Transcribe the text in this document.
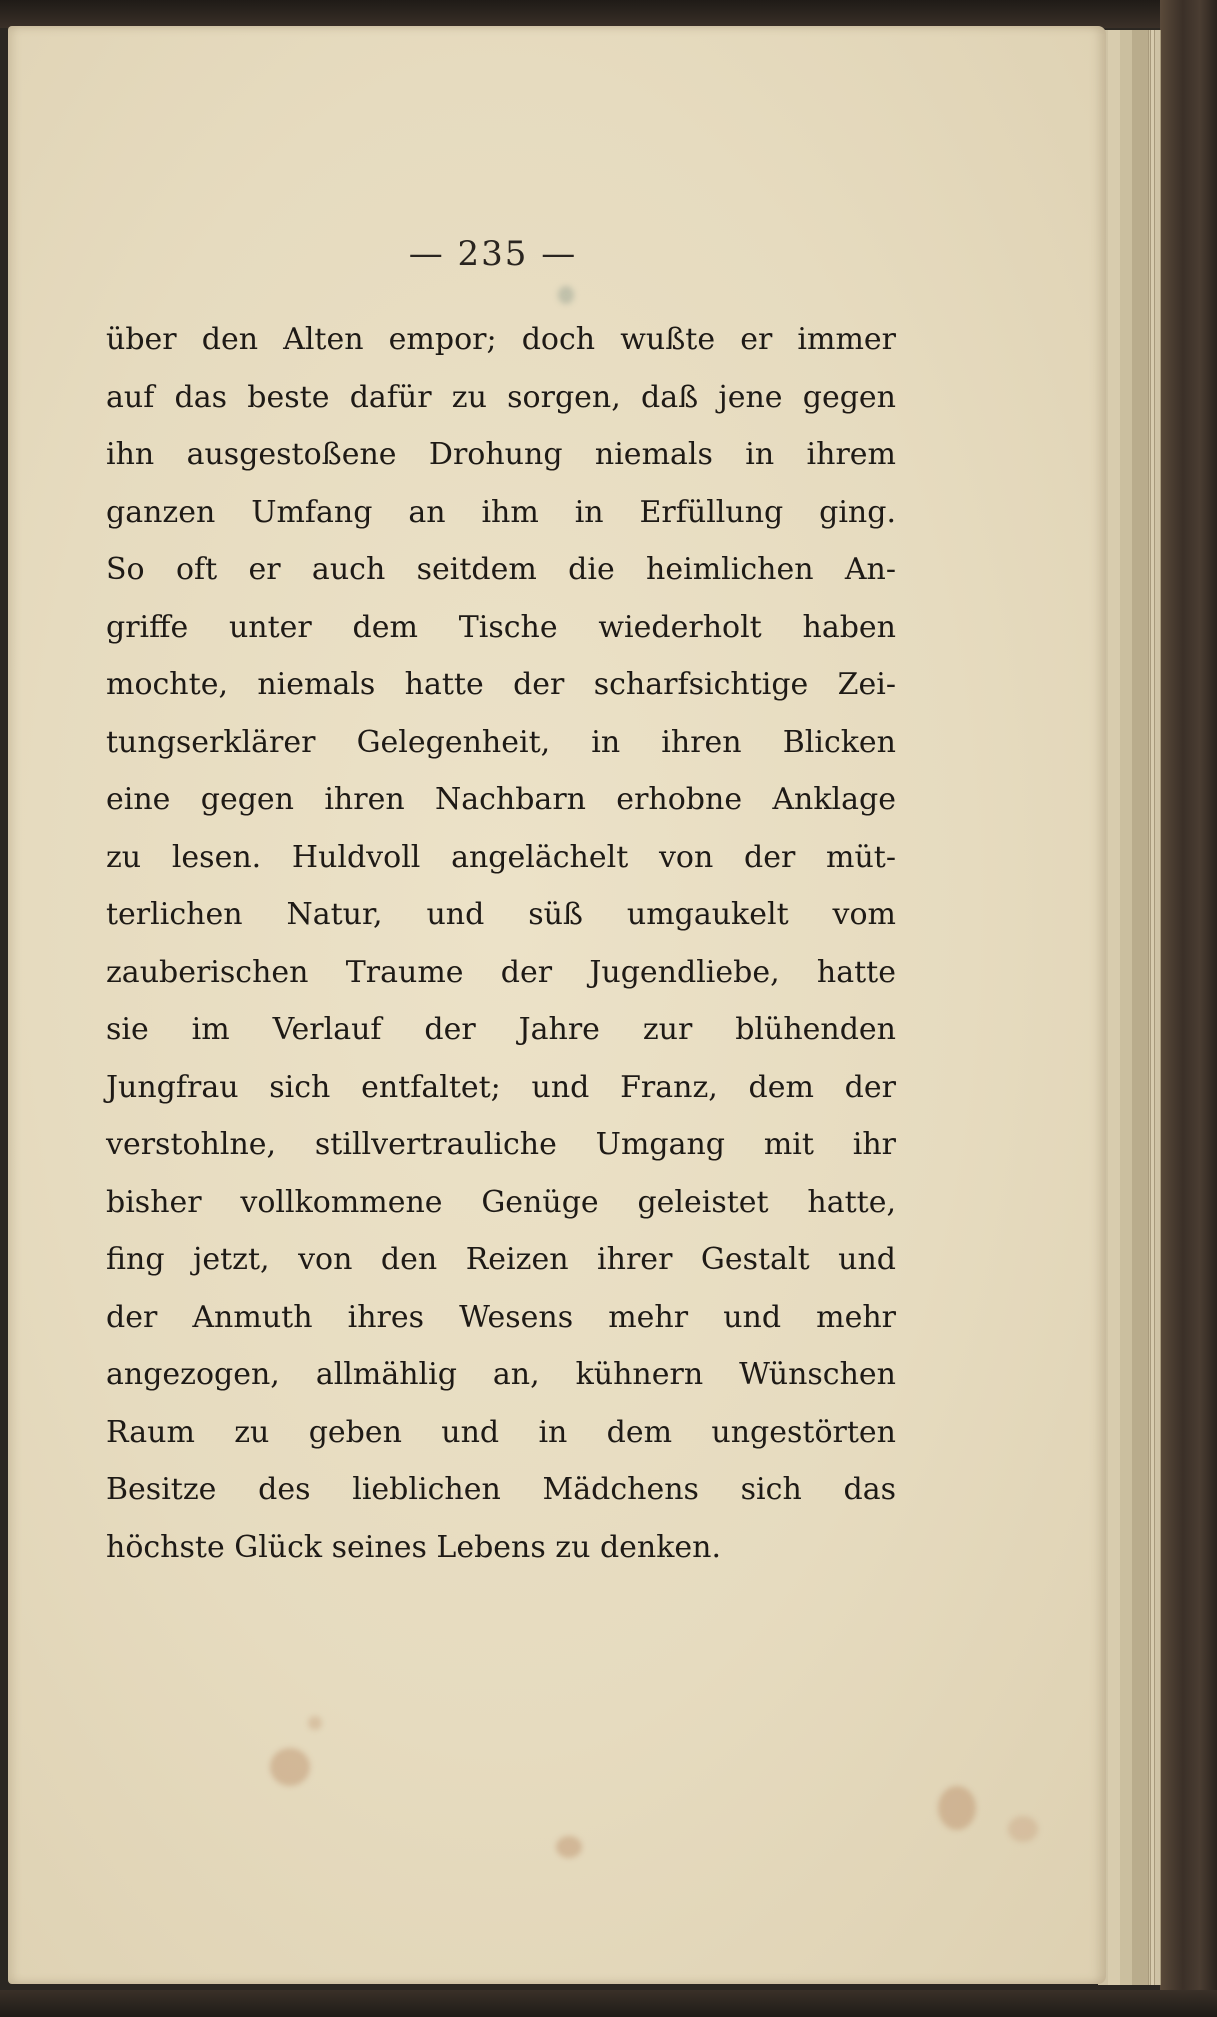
— 235 —
über den Alten empor; doch wußte er immer
auf das beste dafür zu sorgen, daß jene gegen
ihn ausgestoßene Drohung niemals in ihrem
ganzen Umfang an ihm in Erfüllung ging.
So oft er auch seitdem die heimlichen An-
griffe unter dem Tische wiederholt haben
mochte, niemals hatte der scharfsichtige Zei-
tungserklärer Gelegenheit, in ihren Blicken
eine gegen ihren Nachbarn erhobne Anklage
zu lesen. Huldvoll angelächelt von der müt-
terlichen Natur, und süß umgaukelt vom
zauberischen Traume der Jugendliebe, hatte
sie im Verlauf der Jahre zur blühenden
Jungfrau sich entfaltet; und Franz, dem der
verstohlne, stillvertrauliche Umgang mit ihr
bisher vollkommene Genüge geleistet hatte,
fing jetzt, von den Reizen ihrer Gestalt und
der Anmuth ihres Wesens mehr und mehr
angezogen, allmählig an, kühnern Wünschen
Raum zu geben und in dem ungestörten
Besitze des lieblichen Mädchens sich das
höchste Glück seines Lebens zu denken.
